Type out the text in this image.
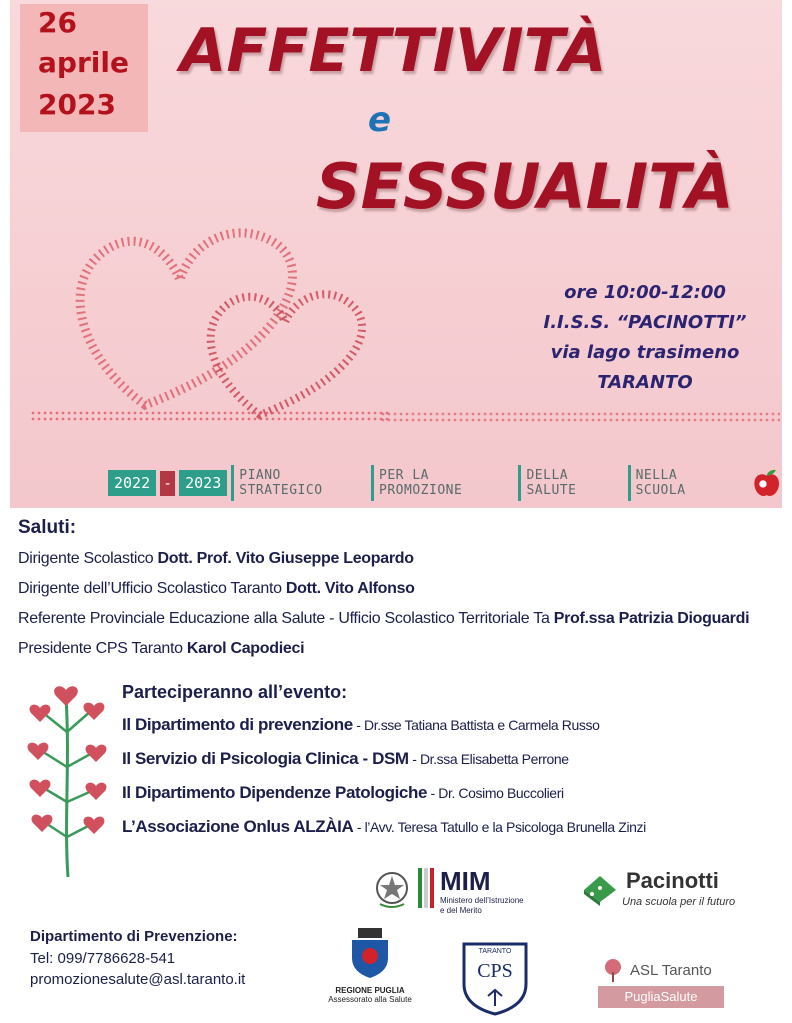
26
aprile
2023
AFFETTIVITÀ
e
SESSUALITÀ
ore 10:00-12:00
I.I.S.S. “PACINOTTI”
via lago trasimeno
TARANTO
2022	-	2023	PIANO STRATEGICO
PER LA PROMOZIONE
DELLA SALUTE
NELLA SCUOLA
Saluti:
Dirigente Scolastico Dott. Prof. Vito Giuseppe Leopardo
Dirigente dell’Ufficio Scolastico Taranto Dott. Vito Alfonso
Referente Provinciale Educazione alla Salute - Ufficio Scolastico Territoriale Ta Prof.ssa Patrizia Dioguardi
Presidente CPS Taranto Karol Capodieci
Parteciperanno all’evento:
Il Dipartimento di prevenzione - Dr.sse Tatiana Battista e Carmela Russo
Il Servizio di Psicologia Clinica - DSM - Dr.ssa Elisabetta Perrone
Il Dipartimento Dipendenze Patologiche - Dr. Cosimo Buccolieri
L’Associazione Onlus ALZÀIA - l’Avv. Teresa Tatullo e la Psicologa Brunella Zinzi
MIM
Ministero dell’Istruzione
e del Merito
Pacinotti
Una scuola per il futuro
Dipartimento di Prevenzione:
Tel: 099/7786628-541
promozionesalute@asl.taranto.it
REGIONE PUGLIA
Assessorato alla Salute
TARANTO
CPS	ASL Taranto
PugliaSalute
